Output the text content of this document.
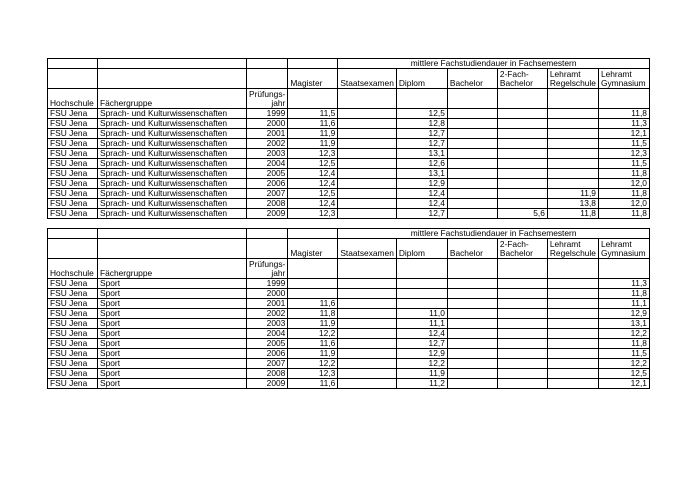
				mittlere Fachstudiendauer in Fachsemestern					
			Magister	Staatsexamen	Diplom	Bachelor	2-Fach-Bachelor	Lehramt Regelschule	Lehramt Gymnasium
Hochschule	Fächergruppe	Prüfungs-jahr							
FSU Jena	Sprach- und Kulturwissenschaften	1999	11,5		12,5				11,8
FSU Jena	Sprach- und Kulturwissenschaften	2000	11,6		12,8				11,3
FSU Jena	Sprach- und Kulturwissenschaften	2001	11,9		12,7				12,1
FSU Jena	Sprach- und Kulturwissenschaften	2002	11,9		12,7				11,5
FSU Jena	Sprach- und Kulturwissenschaften	2003	12,3		13,1				12,3
FSU Jena	Sprach- und Kulturwissenschaften	2004	12,5		12,6				11,5
FSU Jena	Sprach- und Kulturwissenschaften	2005	12,4		13,1				11,8
FSU Jena	Sprach- und Kulturwissenschaften	2006	12,4		12,9				12,0
FSU Jena	Sprach- und Kulturwissenschaften	2007	12,5		12,4			11,9	11,8
FSU Jena	Sprach- und Kulturwissenschaften	2008	12,4		12,4			13,8	12,0
FSU Jena	Sprach- und Kulturwissenschaften	2009	12,3		12,7		5,6	11,8	11,8
				mittlere Fachstudiendauer in Fachsemestern					
			Magister	Staatsexamen	Diplom	Bachelor	2-Fach-Bachelor	Lehramt Regelschule	Lehramt Gymnasium
Hochschule	Fächergruppe	Prüfungs-jahr							
FSU Jena	Sport	1999							11,3
FSU Jena	Sport	2000							11,8
FSU Jena	Sport	2001	11,6						11,1
FSU Jena	Sport	2002	11,8		11,0				12,9
FSU Jena	Sport	2003	11,9		11,1				13,1
FSU Jena	Sport	2004	12,2		12,4				12,2
FSU Jena	Sport	2005	11,6		12,7				11,8
FSU Jena	Sport	2006	11,9		12,9				11,5
FSU Jena	Sport	2007	12,2		12,2				12,2
FSU Jena	Sport	2008	12,3		11,9				12,5
FSU Jena	Sport	2009	11,6		11,2				12,1
